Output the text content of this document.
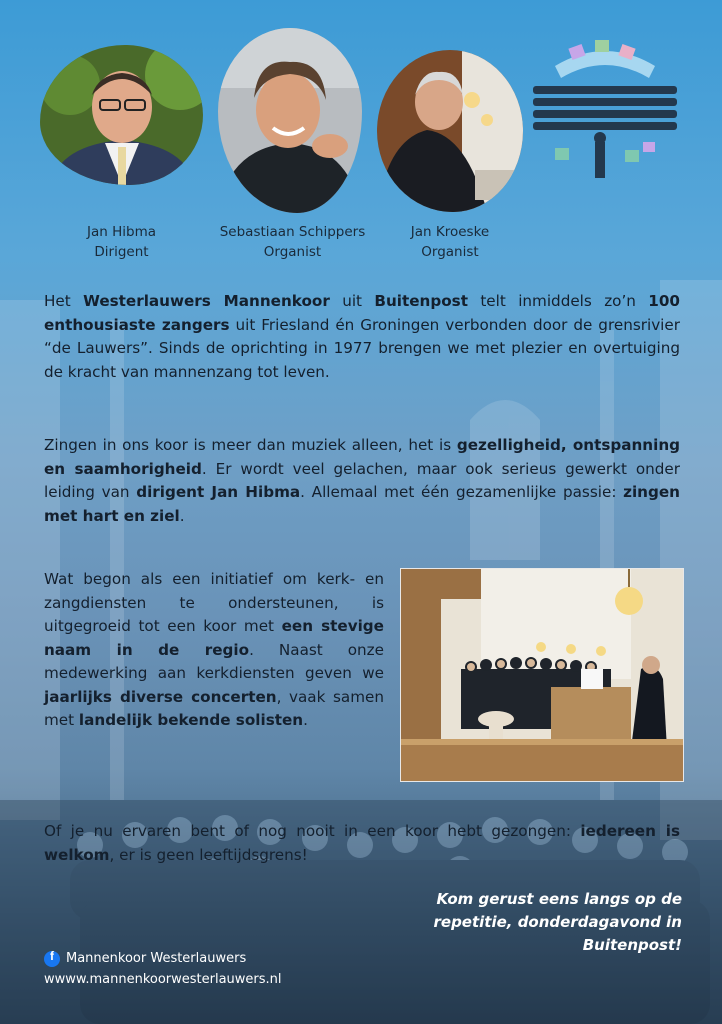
Jan Hibma
Dirigent
Sebastiaan Schippers
Organist
Jan Kroeske
Organist

Het Westerlauwers Mannenkoor uit Buitenpost telt inmiddels zo’n 100 enthousiaste zangers uit Friesland én Groningen verbonden door de grensrivier “de Lauwers”. Sinds de oprichting in 1977 brengen we met plezier en overtuiging de kracht van mannenzang tot leven.

Zingen in ons koor is meer dan muziek alleen, het is gezelligheid, ontspanning en saamhorigheid. Er wordt veel gelachen, maar ook serieus gewerkt onder leiding van dirigent Jan Hibma. Allemaal met één gezamenlijke passie: zingen met hart en ziel.

Wat begon als een initiatief om kerk- en zangdiensten te ondersteunen, is uitgegroeid tot een koor met een stevige naam in de regio. Naast onze medewerking aan kerkdiensten geven we jaarlijks diverse concerten, vaak samen met landelijk bekende solisten.

Of je nu ervaren bent of nog nooit in een koor hebt gezongen: iedereen is welkom, er is geen leeftijdsgrens!

Kom gerust eens langs op de repetitie, donderdagavond in Buitenpost!
f Mannenkoor Westerlauwers
wwww.mannenkoorwesterlauwers.nl
